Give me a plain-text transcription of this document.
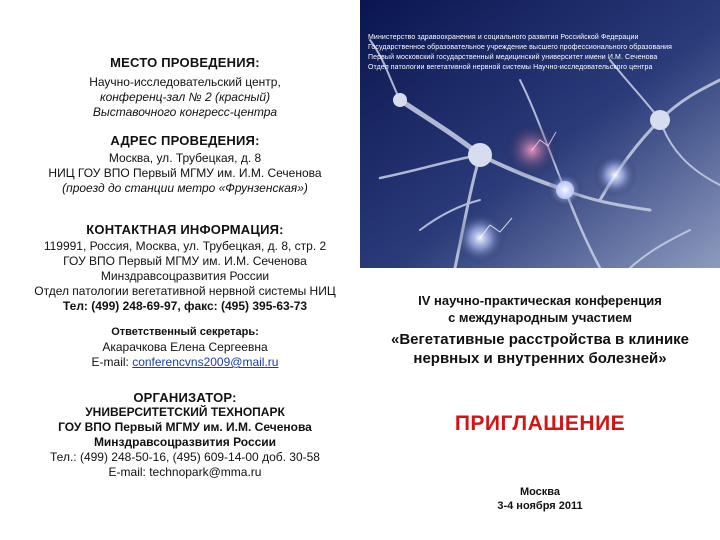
МЕСТО ПРОВЕДЕНИЯ:
Научно-исследовательский центр,
конференц-зал № 2 (красный)
Выставочного конгресс-центра
АДРЕС ПРОВЕДЕНИЯ:
Москва, ул. Трубецкая, д. 8
НИЦ ГОУ ВПО Первый МГМУ им. И.М. Сеченова
(проезд до станции метро «Фрунзенская»)
КОНТАКТНАЯ ИНФОРМАЦИЯ:
119991, Россия, Москва, ул. Трубецкая, д. 8, стр. 2
ГОУ ВПО Первый МГМУ им. И.М. Сеченова
Минздравсоцразвития России
Отдел патологии вегетативной нервной системы НИЦ
Тел: (499) 248-69-97, факс: (495) 395-63-73
Ответственный секретарь:
Акарачкова Елена Сергеевна
E-mail: conferencvns2009@mail.ru
ОРГАНИЗАТОР:
УНИВЕРСИТЕТСКИЙ ТЕХНОПАРК
ГОУ ВПО Первый МГМУ им. И.М. Сеченова
Минздравсоцразвития России
Тел.: (499) 248-50-16, (495) 609-14-00 доб. 30-58
E-mail: technopark@mma.ru
Министерство здравоохранения и социального развития Российской Федерации
Государственное образовательное учреждение высшего профессионального образования
Первый московский государственный медицинский университет имени И.М. Сеченова
Отдел патологии вегетативной нервной системы Научно-исследовательского центра
IV научно-практическая конференция
с международным участием
«Вегетативные расстройства в клинике
нервных и внутренних болезней»
ПРИГЛАШЕНИЕ
Москва
3-4 ноября 2011
